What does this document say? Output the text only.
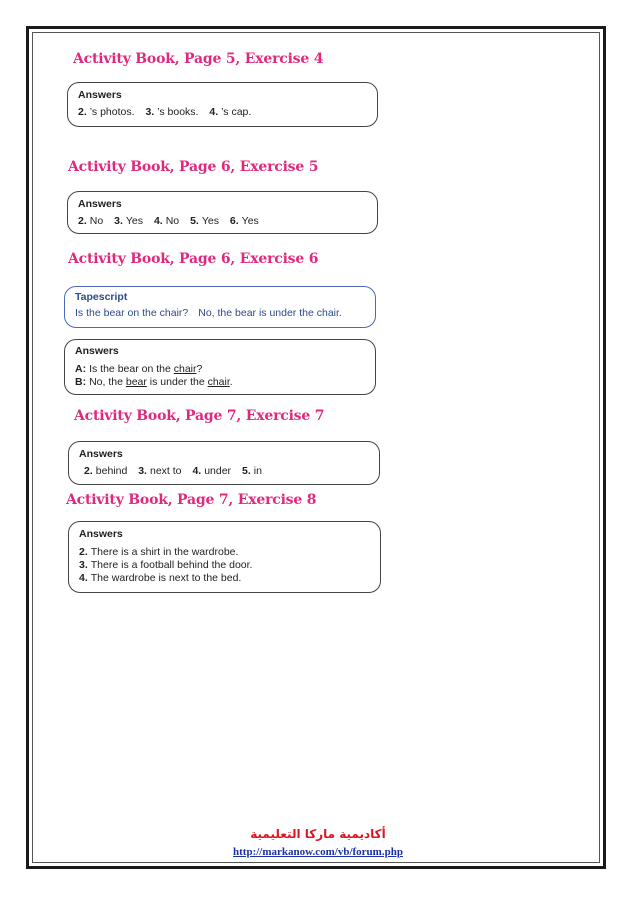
Activity Book, Page 5, Exercise 4
Answers
2. ’s photos. 3. ’s books. 4. ’s cap.
Activity Book, Page 6, Exercise 5
Answers
2. No 3. Yes 4. No 5. Yes 6. Yes
Activity Book, Page 6, Exercise 6
Tapescript
Is the bear on the chair? No, the bear is under the chair.
Answers
A: Is the bear on the chair?
B: No, the bear is under the chair.
Activity Book, Page 7, Exercise 7
Answers
2. behind 3. next to 4. under 5. in
Activity Book, Page 7, Exercise 8
Answers
2. There is a shirt in the wardrobe.
3. There is a football behind the door.
4. The wardrobe is next to the bed.
أكاديمية ماركا التعليمية
http://markanow.com/vb/forum.php
